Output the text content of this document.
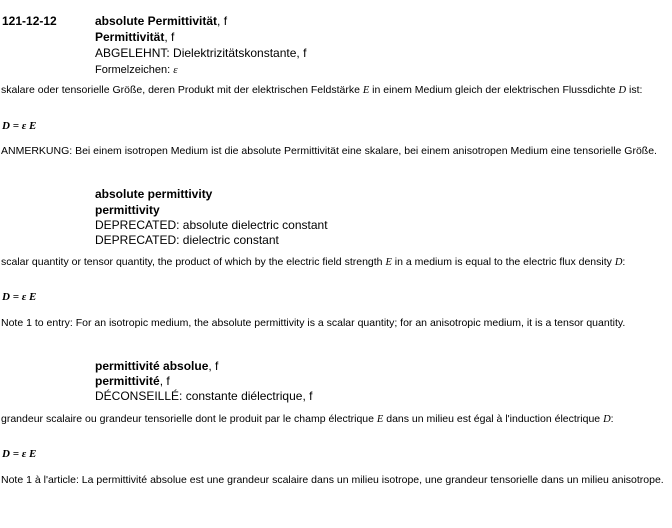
121-12-12	absolute Permittivität, f
Permittivität, f
ABGELEHNT: Dielektrizitätskonstante, f
Formelzeichen: ε
skalare oder tensorielle Größe, deren Produkt mit der elektrischen Feldstärke E in einem Medium gleich der elektrischen Flussdichte D ist:
D = ε E
ANMERKUNG: Bei einem isotropen Medium ist die absolute Permittivität eine skalare, bei einem anisotropen Medium eine tensorielle Größe.
absolute permittivity
permittivity
DEPRECATED: absolute dielectric constant
DEPRECATED: dielectric constant
scalar quantity or tensor quantity, the product of which by the electric field strength E in a medium is equal to the electric flux density D:
D = ε E
Note 1 to entry: For an isotropic medium, the absolute permittivity is a scalar quantity; for an anisotropic medium, it is a tensor quantity.
permittivité absolue, f
permittivité, f
DÉCONSEILLÉ: constante diélectrique, f
grandeur scalaire ou grandeur tensorielle dont le produit par le champ électrique E dans un milieu est égal à l'induction électrique D:
D = ε E
Note 1 à l'article: La permittivité absolue est une grandeur scalaire dans un milieu isotrope, une grandeur tensorielle dans un milieu anisotrope.
